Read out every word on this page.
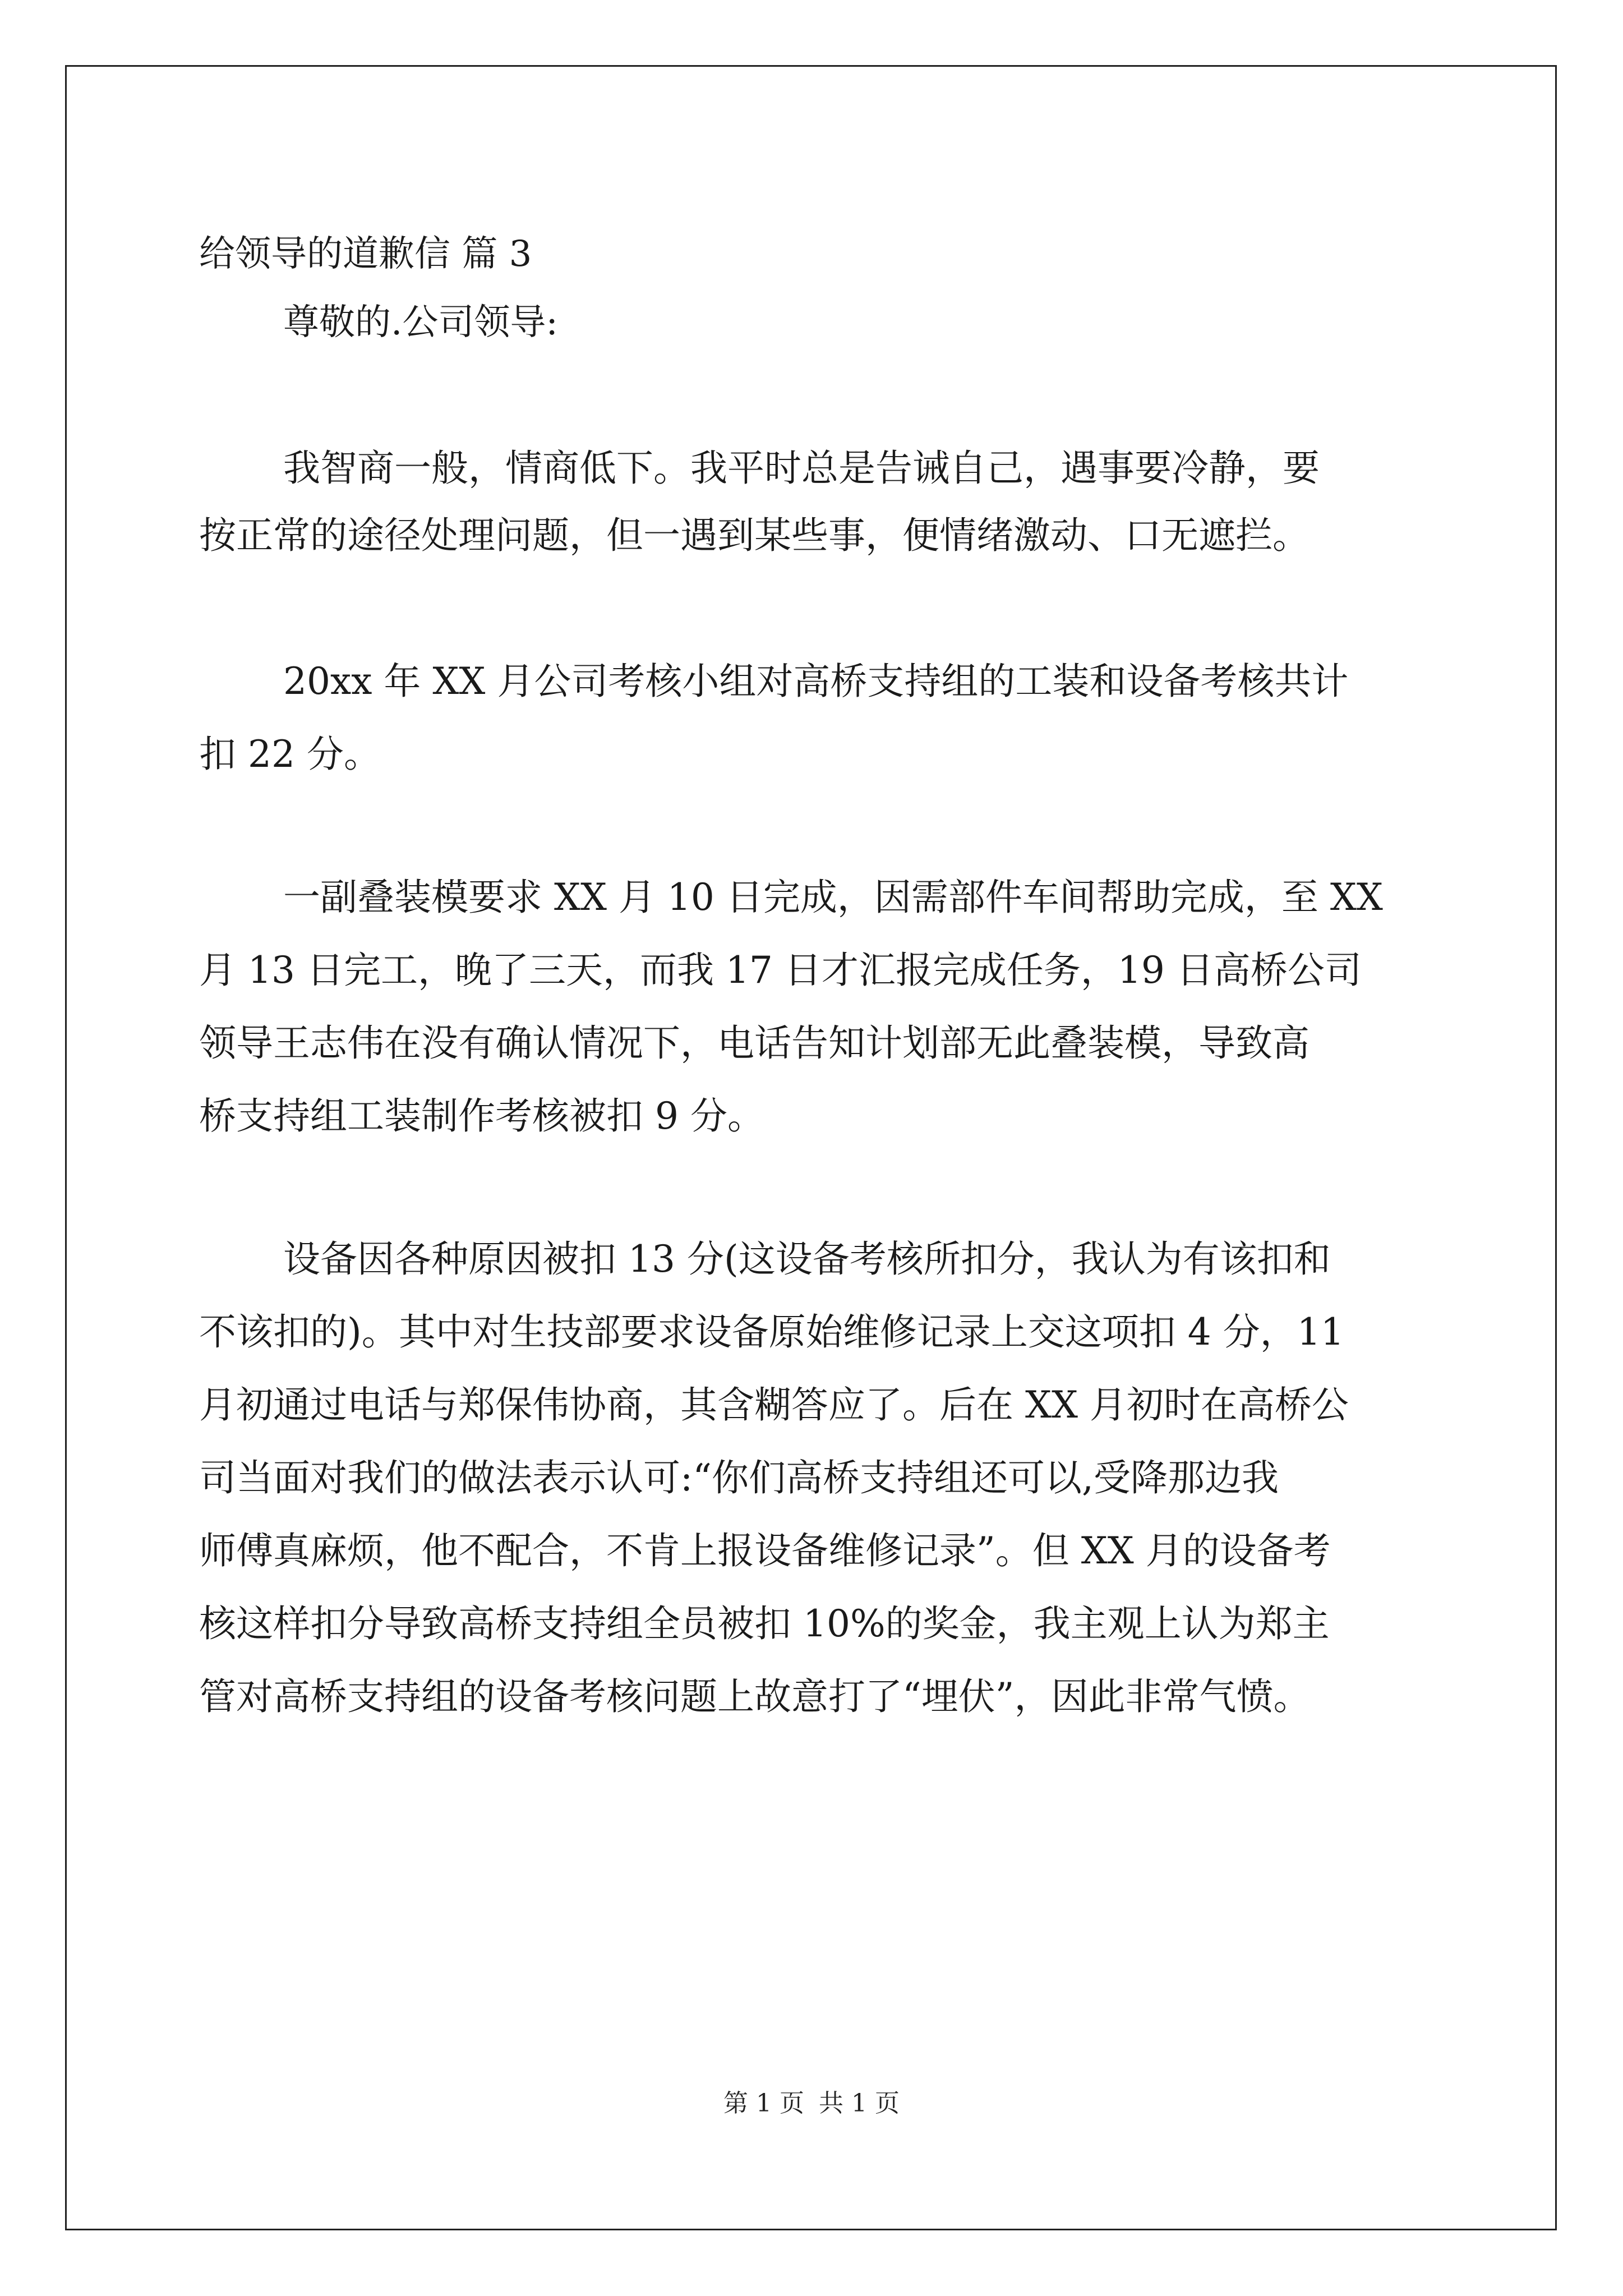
给领导的道歉信 篇 3

尊敬的.公司领导:

我智商一般，情商低下。我平时总是告诫自己，遇事要冷静，要

按正常的途径处理问题，但一遇到某些事，便情绪激动、口无遮拦。

20xx 年 XX 月公司考核小组对高桥支持组的工装和设备考核共计

扣 22 分。

一副叠装模要求 XX 月 10 日完成，因需部件车间帮助完成，至 XX

月 13 日完工，晚了三天，而我 17 日才汇报完成任务，19 日高桥公司

领导王志伟在没有确认情况下，电话告知计划部无此叠装模，导致高

桥支持组工装制作考核被扣 9 分。

设备因各种原因被扣 13 分(这设备考核所扣分，我认为有该扣和

不该扣的)。其中对生技部要求设备原始维修记录上交这项扣 4 分，11

月初通过电话与郑保伟协商，其含糊答应了。后在 XX 月初时在高桥公

司当面对我们的做法表示认可:“你们高桥支持组还可以,受降那边我

师傅真麻烦，他不配合，不肯上报设备维修记录”。但 XX 月的设备考

核这样扣分导致高桥支持组全员被扣 10%的奖金，我主观上认为郑主

管对高桥支持组的设备考核问题上故意打了“埋伏”，因此非常气愤。

第 1 页 共 1 页
